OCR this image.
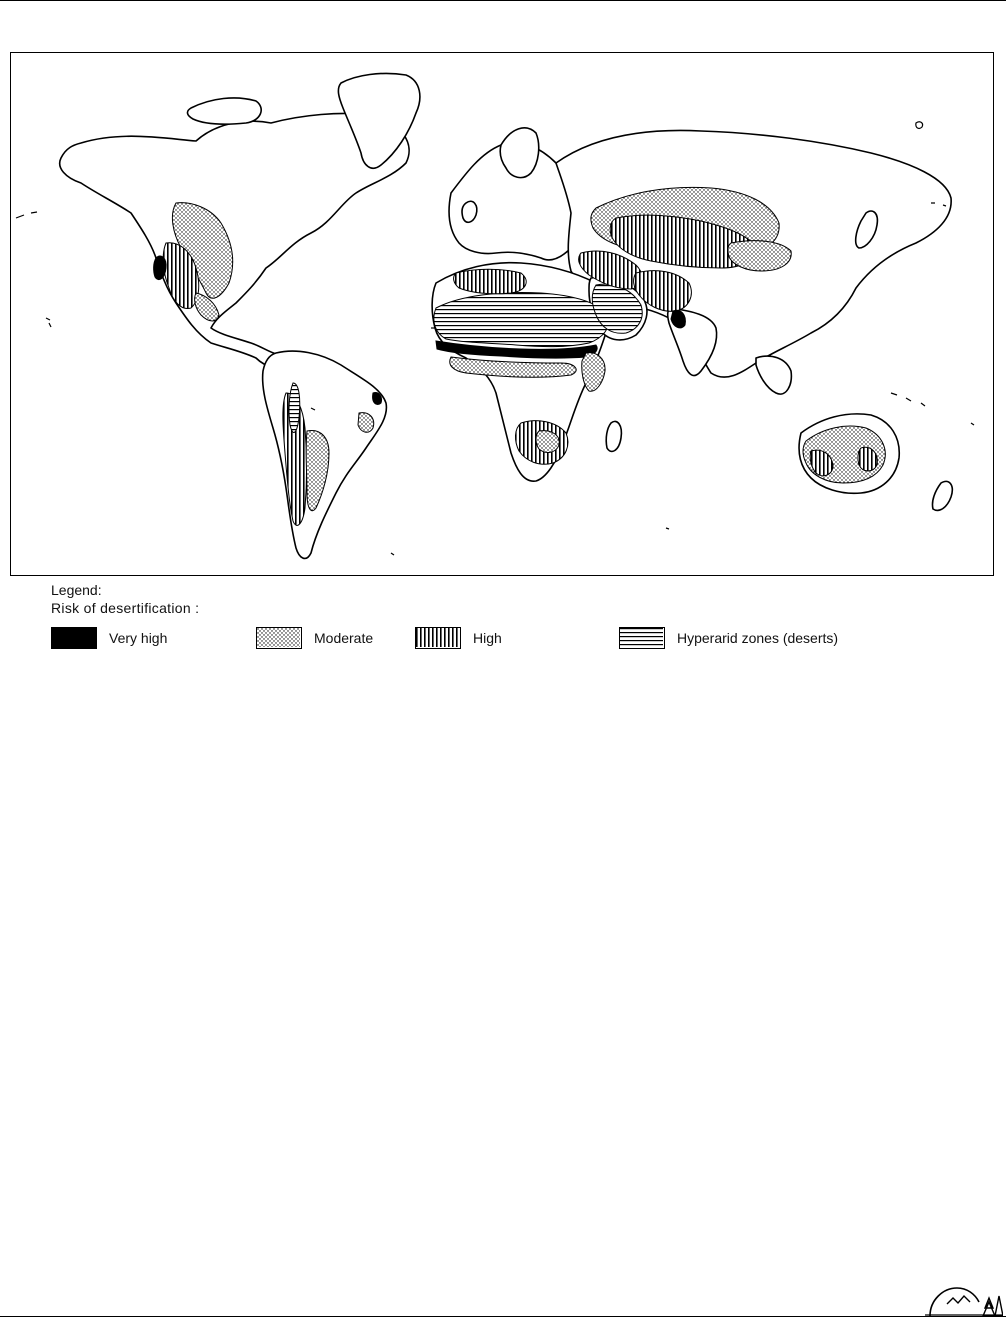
Legend:
Risk of desertification :
Very high	Moderate	High	Hyperarid zones (deserts)
